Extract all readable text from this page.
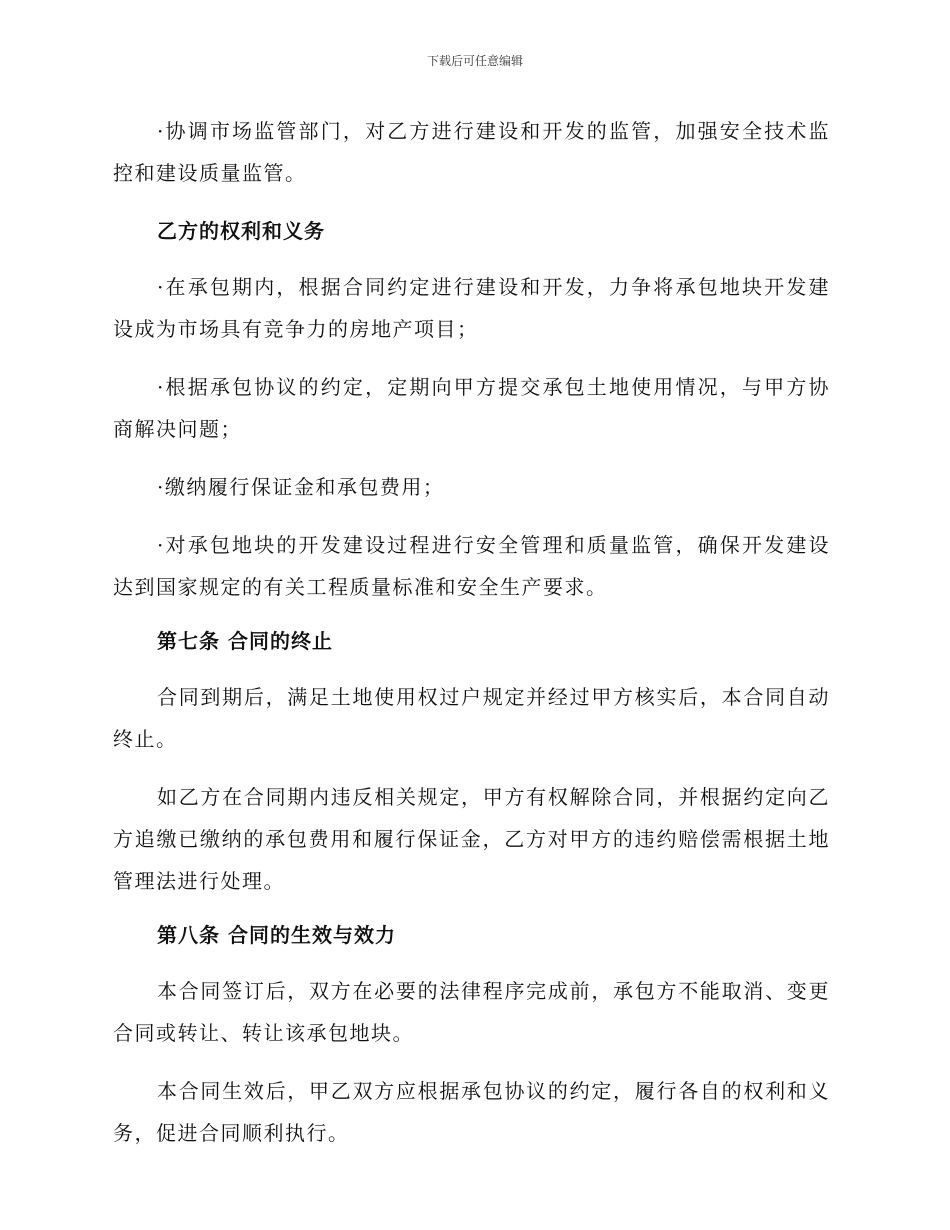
下载后可任意编辑

·协调市场监管部门，对乙方进行建设和开发的监管，加强安全技术监控和建设质量监管。

乙方的权利和义务

·在承包期内，根据合同约定进行建设和开发，力争将承包地块开发建设成为市场具有竞争力的房地产项目；

·根据承包协议的约定，定期向甲方提交承包土地使用情况，与甲方协商解决问题；

·缴纳履行保证金和承包费用；

·对承包地块的开发建设过程进行安全管理和质量监管，确保开发建设达到国家规定的有关工程质量标准和安全生产要求。

第七条 合同的终止

合同到期后，满足土地使用权过户规定并经过甲方核实后，本合同自动终止。

如乙方在合同期内违反相关规定，甲方有权解除合同，并根据约定向乙方追缴已缴纳的承包费用和履行保证金，乙方对甲方的违约赔偿需根据土地管理法进行处理。

第八条 合同的生效与效力

本合同签订后，双方在必要的法律程序完成前，承包方不能取消、变更合同或转让、转让该承包地块。

本合同生效后，甲乙双方应根据承包协议的约定，履行各自的权利和义务，促进合同顺利执行。
